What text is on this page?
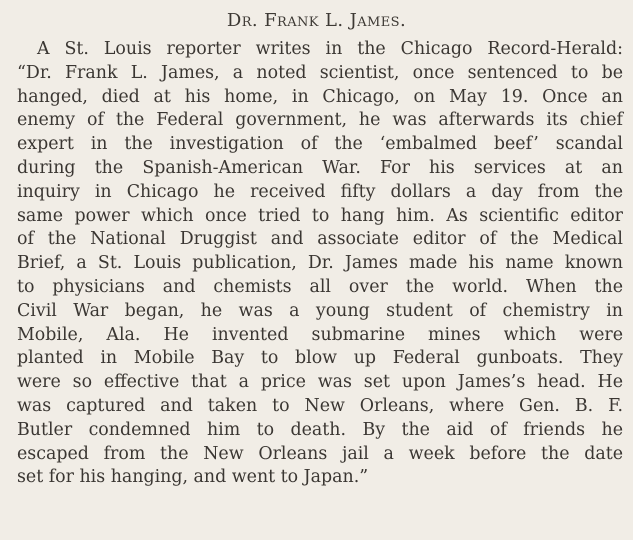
Dr. Frank L. James.
A St. Louis reporter writes in the Chicago Record-Herald:
“Dr. Frank L. James, a noted scientist, once sentenced to be
hanged, died at his home, in Chicago, on May 19. Once an
enemy of the Federal government, he was afterwards its chief
expert in the investigation of the ‘embalmed beef’ scandal
during the Spanish-American War. For his services at an
inquiry in Chicago he received fifty dollars a day from the
same power which once tried to hang him. As scientific editor
of the National Druggist and associate editor of the Medical
Brief, a St. Louis publication, Dr. James made his name known
to physicians and chemists all over the world. When the
Civil War began, he was a young student of chemistry in
Mobile, Ala. He invented submarine mines which were
planted in Mobile Bay to blow up Federal gunboats. They
were so effective that a price was set upon James’s head. He
was captured and taken to New Orleans, where Gen. B. F.
Butler condemned him to death. By the aid of friends he
escaped from the New Orleans jail a week before the date
set for his hanging, and went to Japan.”
